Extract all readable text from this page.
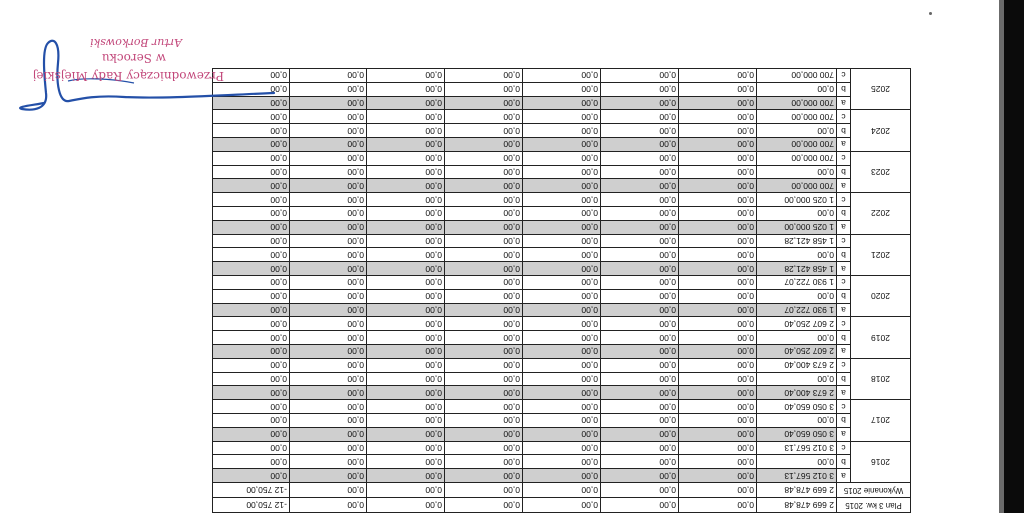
Plan 3 kw. 2015		2 669 478,48	0,00	0,00	0,00	0,00	0,00	0,00	-12 750,00
Wykonanie 2015		2 669 478,48	0,00	0,00	0,00	0,00	0,00	0,00	-12 750,00
2016	a	3 012 567,13	0,00	0,00	0,00	0,00	0,00	0,00	0,00
	b	0,00	0,00	0,00	0,00	0,00	0,00	0,00	0,00
	c	3 012 567,13	0,00	0,00	0,00	0,00	0,00	0,00	0,00
2017	a	3 050 650,40	0,00	0,00	0,00	0,00	0,00	0,00	0,00
	b	0,00	0,00	0,00	0,00	0,00	0,00	0,00	0,00
	c	3 050 650,40	0,00	0,00	0,00	0,00	0,00	0,00	0,00
2018	a	2 673 400,40	0,00	0,00	0,00	0,00	0,00	0,00	0,00
	b	0,00	0,00	0,00	0,00	0,00	0,00	0,00	0,00
	c	2 673 400,40	0,00	0,00	0,00	0,00	0,00	0,00	0,00
2019	a	2 607 250,40	0,00	0,00	0,00	0,00	0,00	0,00	0,00
	b	0,00	0,00	0,00	0,00	0,00	0,00	0,00	0,00
	c	2 607 250,40	0,00	0,00	0,00	0,00	0,00	0,00	0,00
2020	a	1 930 722,07	0,00	0,00	0,00	0,00	0,00	0,00	0,00
	b	0,00	0,00	0,00	0,00	0,00	0,00	0,00	0,00
	c	1 930 722,07	0,00	0,00	0,00	0,00	0,00	0,00	0,00
2021	a	1 458 421,28	0,00	0,00	0,00	0,00	0,00	0,00	0,00
	b	0,00	0,00	0,00	0,00	0,00	0,00	0,00	0,00
	c	1 458 421,28	0,00	0,00	0,00	0,00	0,00	0,00	0,00
2022	a	1 025 000,00	0,00	0,00	0,00	0,00	0,00	0,00	0,00
	b	0,00	0,00	0,00	0,00	0,00	0,00	0,00	0,00
	c	1 025 000,00	0,00	0,00	0,00	0,00	0,00	0,00	0,00
2023	a	700 000,00	0,00	0,00	0,00	0,00	0,00	0,00	0,00
	b	0,00	0,00	0,00	0,00	0,00	0,00	0,00	0,00
	c	700 000,00	0,00	0,00	0,00	0,00	0,00	0,00	0,00
2024	a	700 000,00	0,00	0,00	0,00	0,00	0,00	0,00	0,00
	b	0,00	0,00	0,00	0,00	0,00	0,00	0,00	0,00
	c	700 000,00	0,00	0,00	0,00	0,00	0,00	0,00	0,00
2025	a	700 000,00	0,00	0,00	0,00	0,00	0,00	0,00	0,00
	b	0,00	0,00	0,00	0,00	0,00	0,00	0,00	0,00
	c	700 000,00	0,00	0,00	0,00	0,00	0,00	0,00	0,00
Przewodniczący Rady Miejskiej
w Serocku
Artur Borkowski
